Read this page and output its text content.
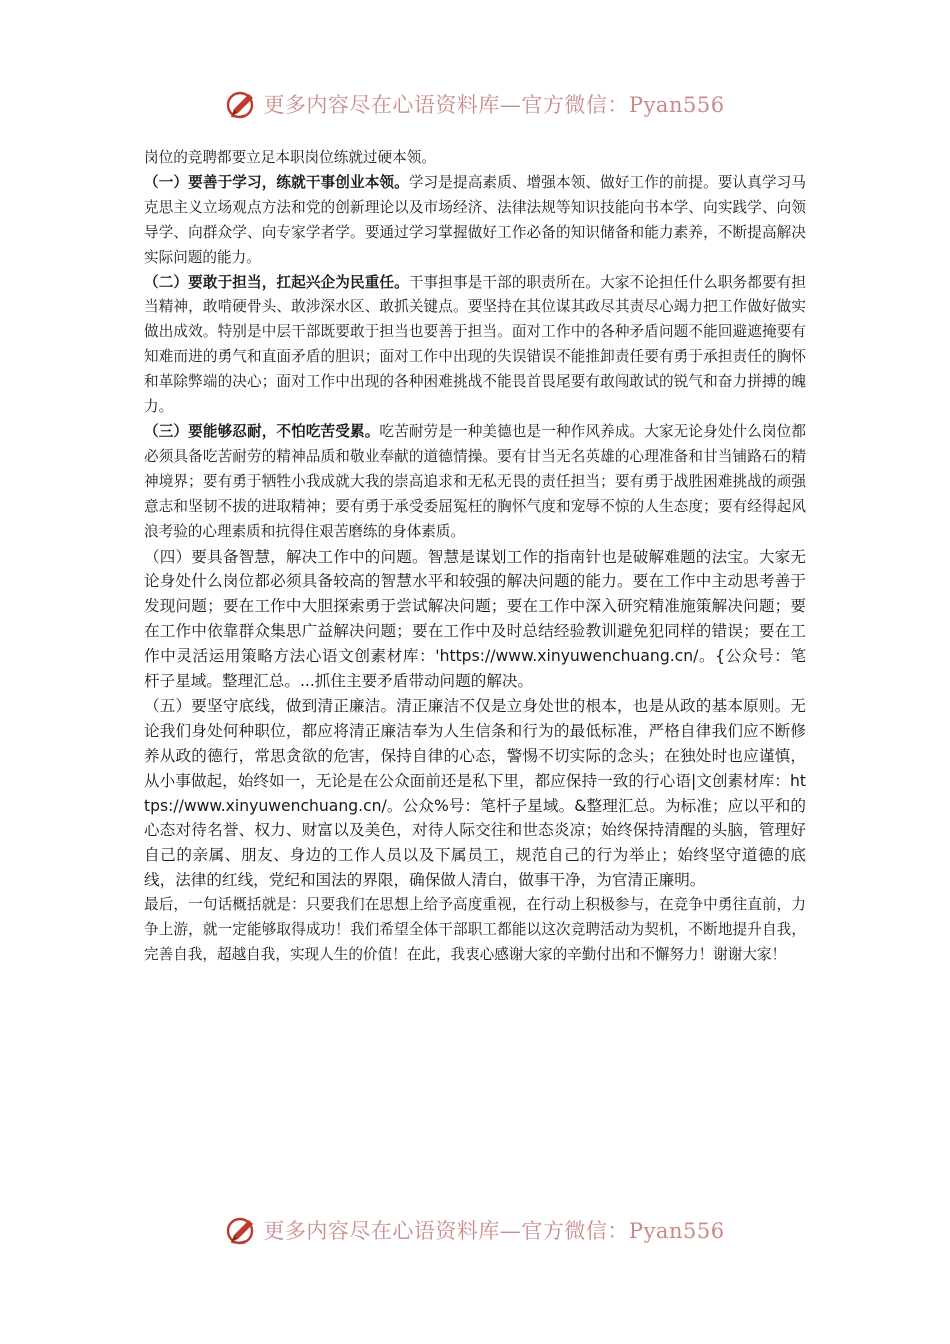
更多内容尽在心语资料库—官方微信：Pyan556

岗位的竞聘都要立足本职岗位练就过硬本领。

（一）要善于学习，练就干事创业本领。学习是提高素质、增强本领、做好工作的前提。要认真学习马克思主义立场观点方法和党的创新理论以及市场经济、法律法规等知识技能向书本学、向实践学、向领导学、向群众学、向专家学者学。要通过学习掌握做好工作必备的知识储备和能力素养，不断提高解决实际问题的能力。

（二）要敢于担当，扛起兴企为民重任。干事担事是干部的职责所在。大家不论担任什么职务都要有担当精神，敢啃硬骨头、敢涉深水区、敢抓关键点。要坚持在其位谋其政尽其责尽心竭力把工作做好做实做出成效。特别是中层干部既要敢于担当也要善于担当。面对工作中的各种矛盾问题不能回避遮掩要有知难而进的勇气和直面矛盾的胆识；面对工作中出现的失误错误不能推卸责任要有勇于承担责任的胸怀和革除弊端的决心；面对工作中出现的各种困难挑战不能畏首畏尾要有敢闯敢试的锐气和奋力拼搏的魄力。

（三）要能够忍耐，不怕吃苦受累。吃苦耐劳是一种美德也是一种作风养成。大家无论身处什么岗位都必须具备吃苦耐劳的精神品质和敬业奉献的道德情操。要有甘当无名英雄的心理准备和甘当铺路石的精神境界；要有勇于牺牲小我成就大我的崇高追求和无私无畏的责任担当；要有勇于战胜困难挑战的顽强意志和坚韧不拔的进取精神；要有勇于承受委屈冤枉的胸怀气度和宠辱不惊的人生态度；要有经得起风浪考验的心理素质和抗得住艰苦磨练的身体素质。

（四）要具备智慧，解决工作中的问题。智慧是谋划工作的指南针也是破解难题的法宝。大家无论身处什么岗位都必须具备较高的智慧水平和较强的解决问题的能力。要在工作中主动思考善于发现问题；要在工作中大胆探索勇于尝试解决问题；要在工作中深入研究精准施策解决问题；要在工作中依靠群众集思广益解决问题；要在工作中及时总结经验教训避免犯同样的错误；要在工作中灵活运用策略方法心语文创素材库：'https://www.xinyuwenchuang.cn/。{公众号：笔杆子星域。整理汇总。...抓住主要矛盾带动问题的解决。

（五）要坚守底线，做到清正廉洁。清正廉洁不仅是立身处世的根本，也是从政的基本原则。无论我们身处何种职位，都应将清正廉洁奉为人生信条和行为的最低标准，严格自律我们应不断修养从政的德行，常思贪欲的危害，保持自律的心态，警惕不切实际的念头；在独处时也应谨慎，从小事做起，始终如一，无论是在公众面前还是私下里，都应保持一致的行心语|文创素材库：https://www.xinyuwenchuang.cn/。公众%号：笔杆子星域。&整理汇总。为标准；应以平和的心态对待名誉、权力、财富以及美色，对待人际交往和世态炎凉；始终保持清醒的头脑，管理好自己的亲属、朋友、身边的工作人员以及下属员工，规范自己的行为举止；始终坚守道德的底线，法律的红线，党纪和国法的界限，确保做人清白，做事干净，为官清正廉明。

最后，一句话概括就是：只要我们在思想上给予高度重视，在行动上积极参与，在竞争中勇往直前，力争上游，就一定能够取得成功！我们希望全体干部职工都能以这次竞聘活动为契机，不断地提升自我，完善自我，超越自我，实现人生的价值！在此，我衷心感谢大家的辛勤付出和不懈努力！谢谢大家！

更多内容尽在心语资料库—官方微信：Pyan556
